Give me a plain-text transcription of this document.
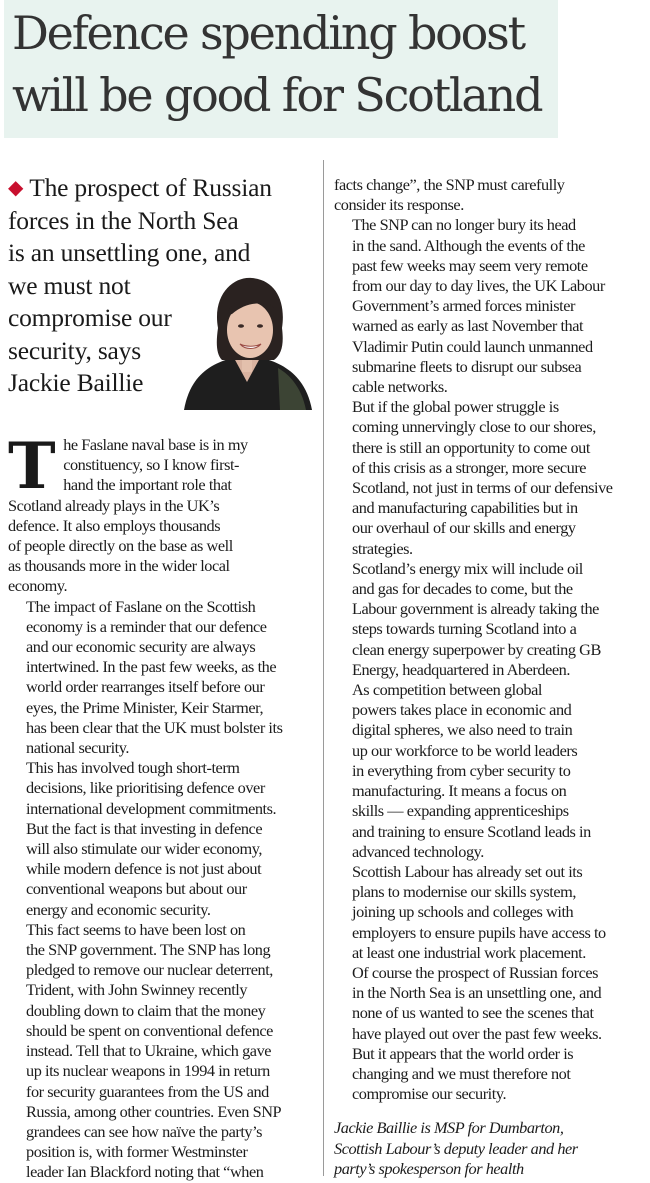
Defence spending boost
will be good for Scotland
◆ The prospect of Russian
forces in the North Sea
is an unsettling one, and
we must not
compromise our
security, says
Jackie Baillie

T he Faslane naval base is in my
constituency, so I know first-
hand the important role that
Scotland already plays in the UK’s
defence. It also employs thousands
of people directly on the base as well
as thousands more in the wider local
economy.

The impact of Faslane on the Scottish
economy is a reminder that our defence
and our economic security are always
intertwined. In the past few weeks, as the
world order rearranges itself before our
eyes, the Prime Minister, Keir Starmer,
has been clear that the UK must bolster its
national security.

This has involved tough short-term
decisions, like prioritising defence over
international development commitments.
But the fact is that investing in defence
will also stimulate our wider economy,
while modern defence is not just about
conventional weapons but about our
energy and economic security.

This fact seems to have been lost on
the SNP government. The SNP has long
pledged to remove our nuclear deterrent,
Trident, with John Swinney recently
doubling down to claim that the money
should be spent on conventional defence
instead. Tell that to Ukraine, which gave
up its nuclear weapons in 1994 in return
for security guarantees from the US and
Russia, among other countries. Even SNP
grandees can see how naïve the party’s
position is, with former Westminster
leader Ian Blackford noting that “when

facts change”, the SNP must carefully
consider its response.

The SNP can no longer bury its head
in the sand. Although the events of the
past few weeks may seem very remote
from our day to day lives, the UK Labour
Government’s armed forces minister
warned as early as last November that
Vladimir Putin could launch unmanned
submarine fleets to disrupt our subsea
cable networks.

But if the global power struggle is
coming unnervingly close to our shores,
there is still an opportunity to come out
of this crisis as a stronger, more secure
Scotland, not just in terms of our defensive
and manufacturing capabilities but in
our overhaul of our skills and energy
strategies.

Scotland’s energy mix will include oil
and gas for decades to come, but the
Labour government is already taking the
steps towards turning Scotland into a
clean energy superpower by creating GB
Energy, headquartered in Aberdeen.

As competition between global
powers takes place in economic and
digital spheres, we also need to train
up our workforce to be world leaders
in everything from cyber security to
manufacturing. It means a focus on
skills — expanding apprenticeships
and training to ensure Scotland leads in
advanced technology.

Scottish Labour has already set out its
plans to modernise our skills system,
joining up schools and colleges with
employers to ensure pupils have access to
at least one industrial work placement.

Of course the prospect of Russian forces
in the North Sea is an unsettling one, and
none of us wanted to see the scenes that
have played out over the past few weeks.
But it appears that the world order is
changing and we must therefore not
compromise our security.

Jackie Baillie is MSP for Dumbarton,
Scottish Labour’s deputy leader and her
party’s spokesperson for health
